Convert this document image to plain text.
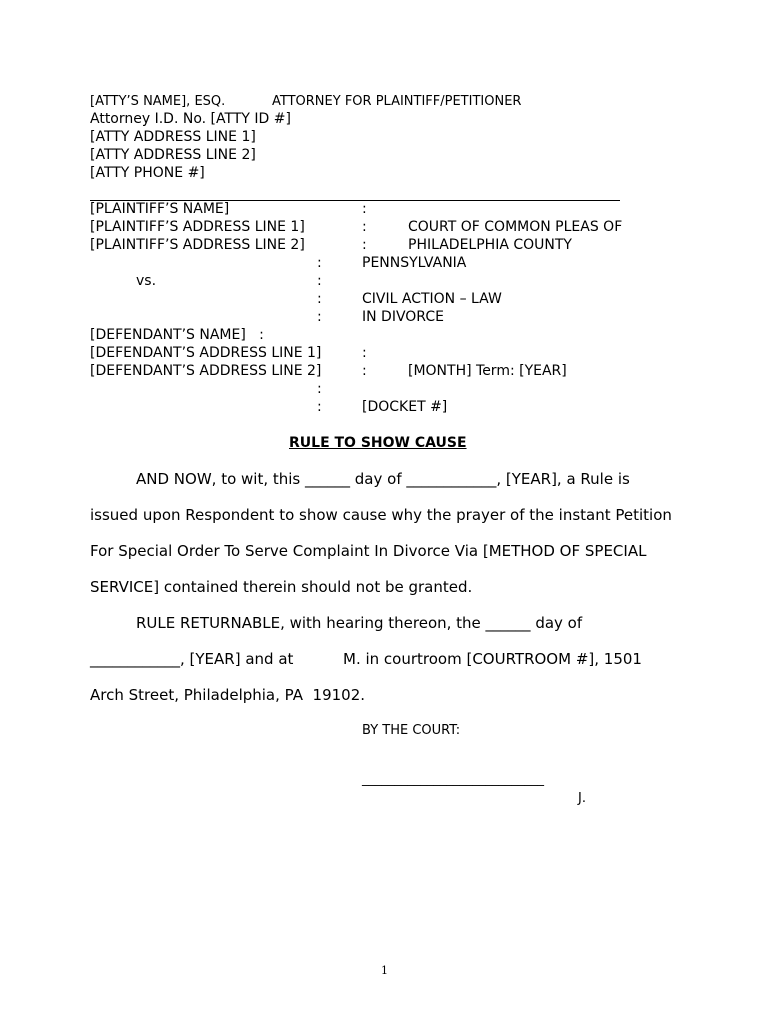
[ATTY’S NAME], ESQ.	ATTORNEY FOR PLAINTIFF/PETITIONER
Attorney I.D. No. [ATTY ID #]
[ATTY ADDRESS LINE 1]
[ATTY ADDRESS LINE 2]
[ATTY PHONE #]
[PLAINTIFF’S NAME]
[PLAINTIFF’S ADDRESS LINE 1]
[PLAINTIFF’S ADDRESS LINE 2]
vs.
[DEFENDANT’S NAME]   :
[DEFENDANT’S ADDRESS LINE 1]
[DEFENDANT’S ADDRESS LINE 2]
:
:
:
:
:
:
:
:
:
:
:
COURT OF COMMON PLEAS OF
PHILADELPHIA COUNTY
PENNSYLVANIA
CIVIL ACTION – LAW
IN DIVORCE
[MONTH] Term: [YEAR]
[DOCKET #]
RULE TO SHOW CAUSE
AND NOW, to wit, this ______ day of ____________, [YEAR], a Rule is
issued upon Respondent to show cause why the prayer of the instant Petition
For Special Order To Serve Complaint In Divorce Via [METHOD OF SPECIAL
SERVICE] contained therein should not be granted.
RULE RETURNABLE, with hearing thereon, the ______ day of
____________, [YEAR] and at	M. in courtroom [COURTROOM #], 1501
Arch Street, Philadelphia, PA  19102.
BY THE COURT:
____________________________
J.
1
